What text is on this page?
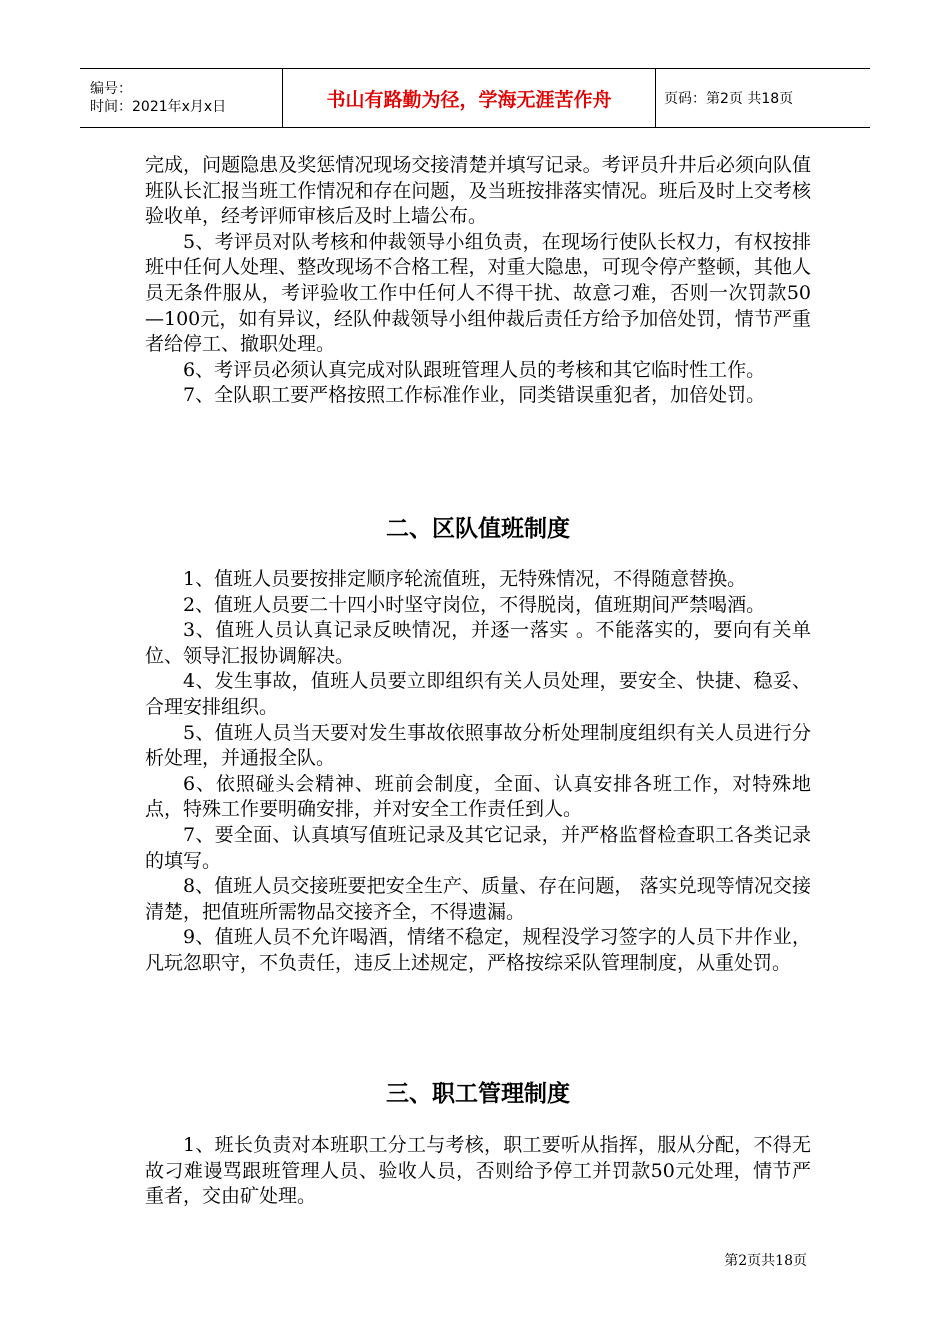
编号：
时间：2021年x月x日	书山有路勤为径，学海无涯苦作舟	页码：第2页 共18页

完成，问题隐患及奖惩情况现场交接清楚并填写记录。考评员升井后必须向队值班队长汇报当班工作情况和存在问题，及当班按排落实情况。班后及时上交考核验收单，经考评师审核后及时上墙公布。

5、考评员对队考核和仲裁领导小组负责，在现场行使队长权力，有权按排班中任何人处理、整改现场不合格工程，对重大隐患，可现令停产整顿，其他人员无条件服从，考评验收工作中任何人不得干扰、故意刁难，否则一次罚款50—100元，如有异议，经队仲裁领导小组仲裁后责任方给予加倍处罚，情节严重者给停工、撤职处理。

6、考评员必须认真完成对队跟班管理人员的考核和其它临时性工作。

7、全队职工要严格按照工作标准作业，同类错误重犯者，加倍处罚。

二、区队值班制度

1、值班人员要按排定顺序轮流值班，无特殊情况，不得随意替换。

2、值班人员要二十四小时坚守岗位，不得脱岗，值班期间严禁喝酒。

3、值班人员认真记录反映情况，并逐一落实 。不能落实的，要向有关单位、领导汇报协调解决。

4、发生事故，值班人员要立即组织有关人员处理，要安全、快捷、稳妥、合理安排组织。

5、值班人员当天要对发生事故依照事故分析处理制度组织有关人员进行分析处理，并通报全队。

6、依照碰头会精神、班前会制度，全面、认真安排各班工作，对特殊地点，特殊工作要明确安排，并对安全工作责任到人。

7、要全面、认真填写值班记录及其它记录，并严格监督检查职工各类记录的填写。

8、值班人员交接班要把安全生产、质量、存在问题， 落实兑现等情况交接清楚，把值班所需物品交接齐全，不得遗漏。

9、值班人员不允许喝酒，情绪不稳定，规程没学习签字的人员下井作业，凡玩忽职守，不负责任，违反上述规定，严格按综采队管理制度，从重处罚。

三、职工管理制度

1、班长负责对本班职工分工与考核，职工要听从指挥，服从分配，不得无故刁难谩骂跟班管理人员、验收人员，否则给予停工并罚款50元处理，情节严重者，交由矿处理。

第2页共18页
